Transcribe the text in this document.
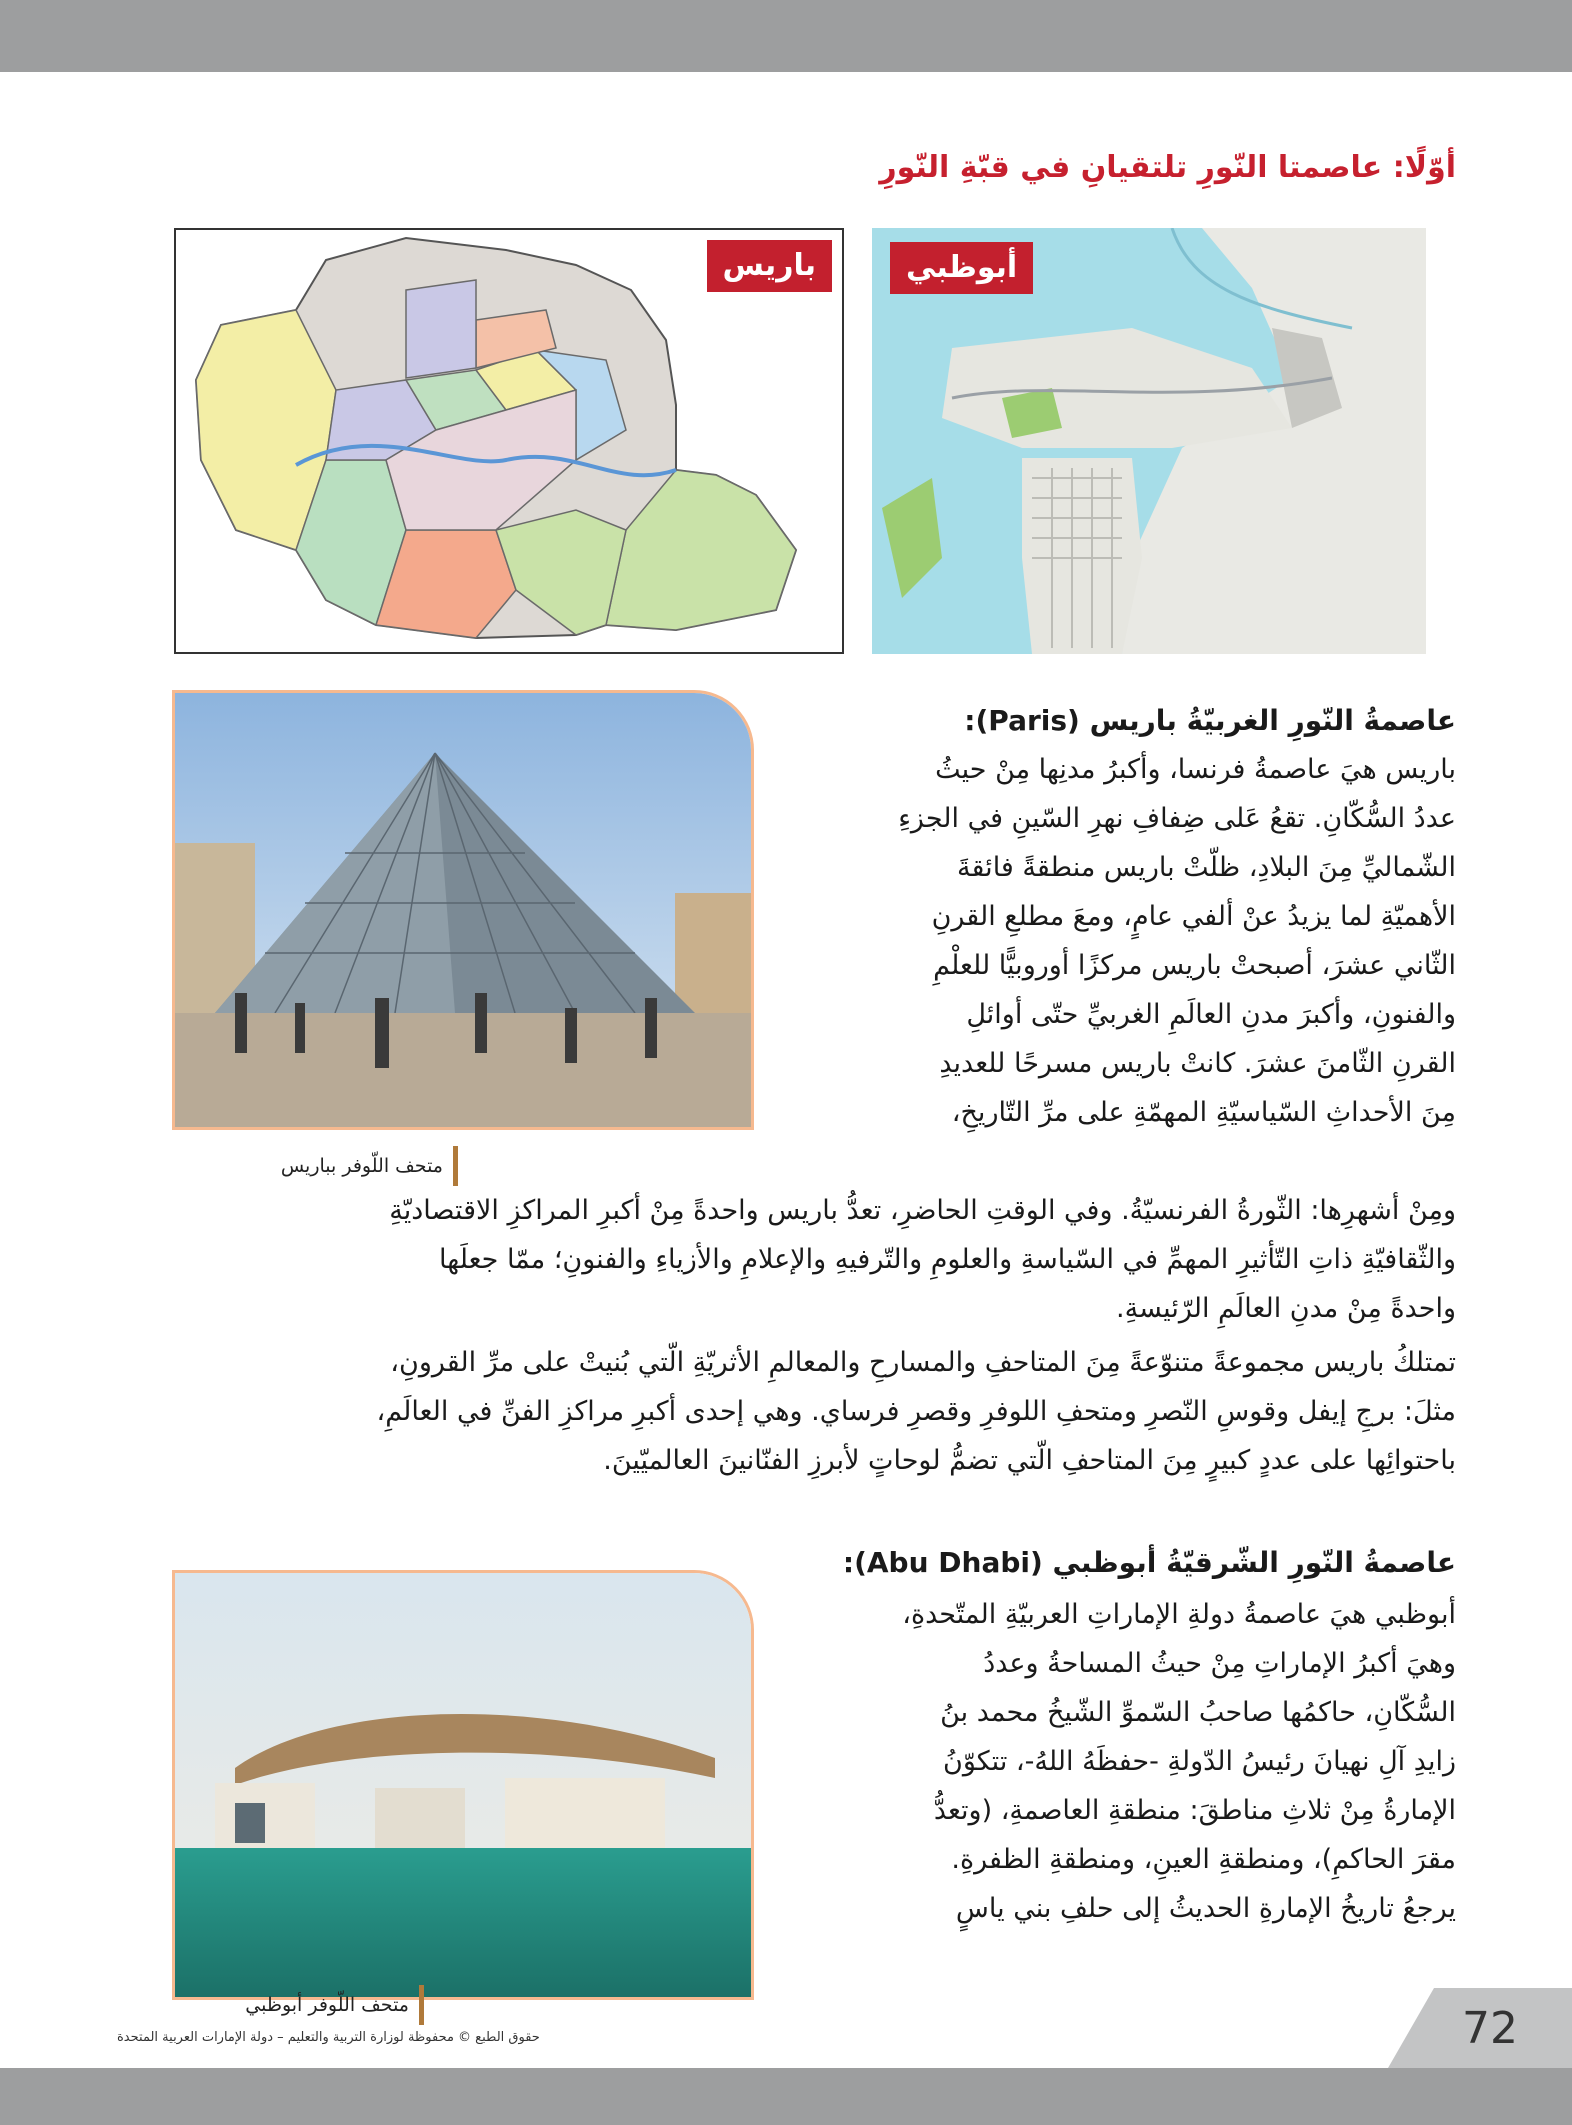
أوّلًا: عاصمتا النّورِ تلتقيانِ في قبّةِ النّورِ
باريس	أبوظبي
متحف اللّوفر بباريس
عاصمةُ النّورِ الغربيّةُ باريس (Paris):
باريس هيَ عاصمةُ فرنسا، وأكبرُ مدنِها مِنْ حيثُ
عددُ السُّكّانِ. تقعُ عَلى ضِفافِ نهرِ السّينِ في الجزءِ
الشّماليِّ مِنَ البلادِ، ظلّتْ باريس منطقةً فائقةَ
الأهميّةِ لما يزيدُ عنْ ألفي عامٍ، ومعَ مطلعِ القرنِ
الثّاني عشرَ، أصبحتْ باريس مركزًا أوروبيًّا للعلْمِ
والفنونِ، وأكبرَ مدنِ العالَمِ الغربيِّ حتّى أوائلِ
القرنِ الثّامنَ عشرَ. كانتْ باريس مسرحًا للعديدِ
مِنَ الأحداثِ السّياسيّةِ المهمّةِ على مرِّ التّاريخِ،
ومِنْ أشهرِها: الثّورةُ الفرنسيّةُ. وفي الوقتِ الحاضرِ، تعدُّ باريس واحدةً مِنْ أكبرِ المراكزِ الاقتصاديّةِ
والثّقافيّةِ ذاتِ التّأثيرِ المهمِّ في السّياسةِ والعلومِ والتّرفيهِ والإعلامِ والأزياءِ والفنونِ؛ ممّا جعلَها
واحدةً مِنْ مدنِ العالَمِ الرّئيسةِ.
تمتلكُ باريس مجموعةً متنوّعةً مِنَ المتاحفِ والمسارحِ والمعالمِ الأثريّةِ الّتي بُنيتْ على مرِّ القرونِ،
مثلَ: برجِ إيفل وقوسِ النّصرِ ومتحفِ اللوفرِ وقصرِ فرساي. وهي إحدى أكبرِ مراكزِ الفنِّ في العالَمِ،
باحتوائِها على عددٍ كبيرٍ مِنَ المتاحفِ الّتي تضمُّ لوحاتٍ لأبرزِ الفنّانينَ العالميّينَ.
متحف اللّوفر أبوظبي
عاصمةُ النّورِ الشّرقيّةُ أبوظبي (Abu Dhabi):
أبوظبي هيَ عاصمةُ دولةِ الإماراتِ العربيّةِ المتّحدةِ،
وهيَ أكبرُ الإماراتِ مِنْ حيثُ المساحةُ وعددُ
السُّكّانِ، حاكمُها صاحبُ السّموِّ الشّيخُ محمد بنُ
زايدِ آلِ نهيانَ رئيسُ الدّولةِ -حفظَهُ اللهُ-، تتكوّنُ
الإمارةُ مِنْ ثلاثِ مناطقَ: منطقةِ العاصمةِ، (وتعدُّ
مقرَ الحاكمِ)، ومنطقةِ العينِ، ومنطقةِ الظفرةِ.
يرجعُ تاريخُ الإمارةِ الحديثُ إلى حلفِ بني ياسٍ
72
حقوق الطبع © محفوظة لوزارة التربية والتعليم – دولة الإمارات العربية المتحدة
